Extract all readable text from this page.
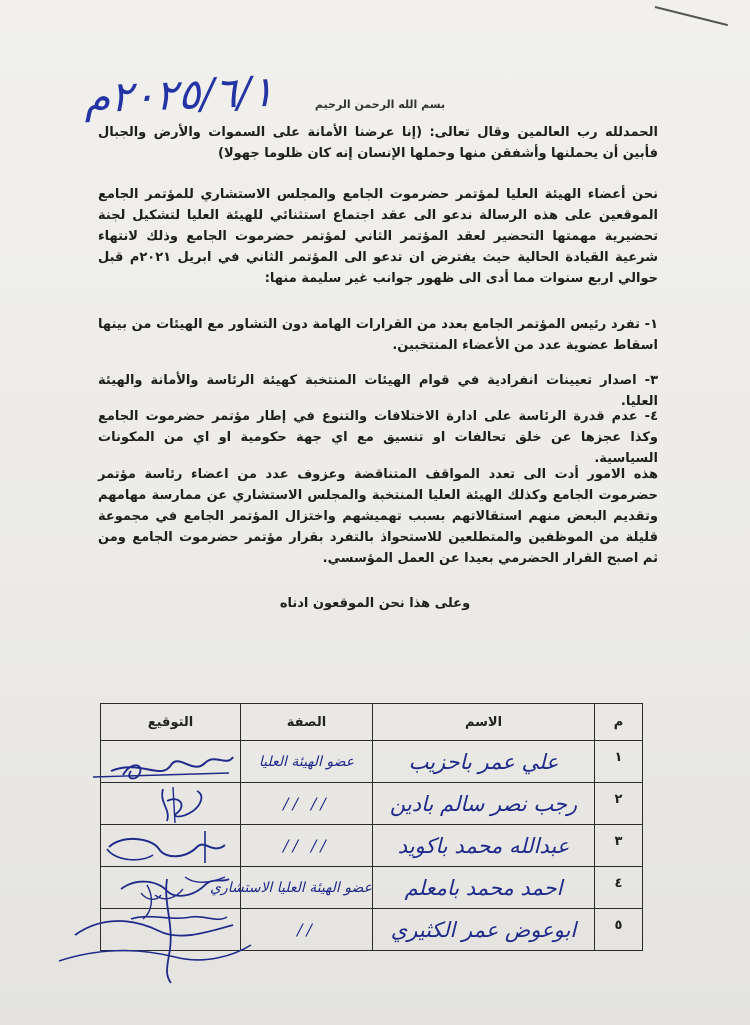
٢٠٢٥/٦/١م	بسم الله الرحمن الرحيم
الحمدلله رب العالمين وقال تعالى: (إنا عرضنا الأمانة على السموات والأرض والجبال فأبين أن يحملنها وأشفقن منها وحملها الإنسان إنه كان ظلوما جهولا)
نحن أعضاء الهيئة العليا لمؤتمر حضرموت الجامع والمجلس الاستشاري للمؤتمر الجامع الموقعين على هذه الرسالة ندعو الى عقد اجتماع استثنائي للهيئة العليا لتشكيل لجنة تحضيرية مهمتها التحضير لعقد المؤتمر الثاني لمؤتمر حضرموت الجامع وذلك لانتهاء شرعية القيادة الحالية حيث يفترض ان تدعو الى المؤتمر الثاني في ابريل ٢٠٢١م قبل حوالي اربع سنوات مما أدى الى ظهور جوانب غير سليمة منها:
١- تفرد رئيس المؤتمر الجامع بعدد من القرارات الهامة دون التشاور مع الهيئات من بينها اسقاط عضوية عدد من الأعضاء المنتخبين.
٣- اصدار تعيينات انفرادية في قوام الهيئات المنتخبة كهيئة الرئاسة والأمانة والهيئة العليا.
٤- عدم قدرة الرئاسة على ادارة الاختلافات والتنوع في إطار مؤتمر حضرموت الجامع وكذا عجزها عن خلق تحالفات او تنسيق مع اي جهة حكومية او اي من المكونات السياسية.
هذه الامور أدت الى تعدد المواقف المتناقضة وعزوف عدد من اعضاء رئاسة مؤتمر حضرموت الجامع وكذلك الهيئة العليا المنتخبة والمجلس الاستشاري عن ممارسة مهامهم وتقديم البعض منهم استقالاتهم بسبب تهميشهم واختزال المؤتمر الجامع في مجموعة قليلة من الموظفين والمتطلعين للاستحواذ بالتفرد بقرار مؤتمر حضرموت الجامع ومن ثم اصبح القرار الحضرمي بعيدا عن العمل المؤسسي.
وعلى هذا نحن الموقعون ادناه
م	الاسم	الصفة	التوقيع
١	علي عمر باحزيب	عضو الهيئة العليا

٢	رجب نصر سالم بادين	// //

٣	عبدالله محمد باكويد	// //

٤	احمد محمد بامعلم	عضو الهيئة العليا الاستشاري

٥	ابوعوض عمر الكثيري	//
